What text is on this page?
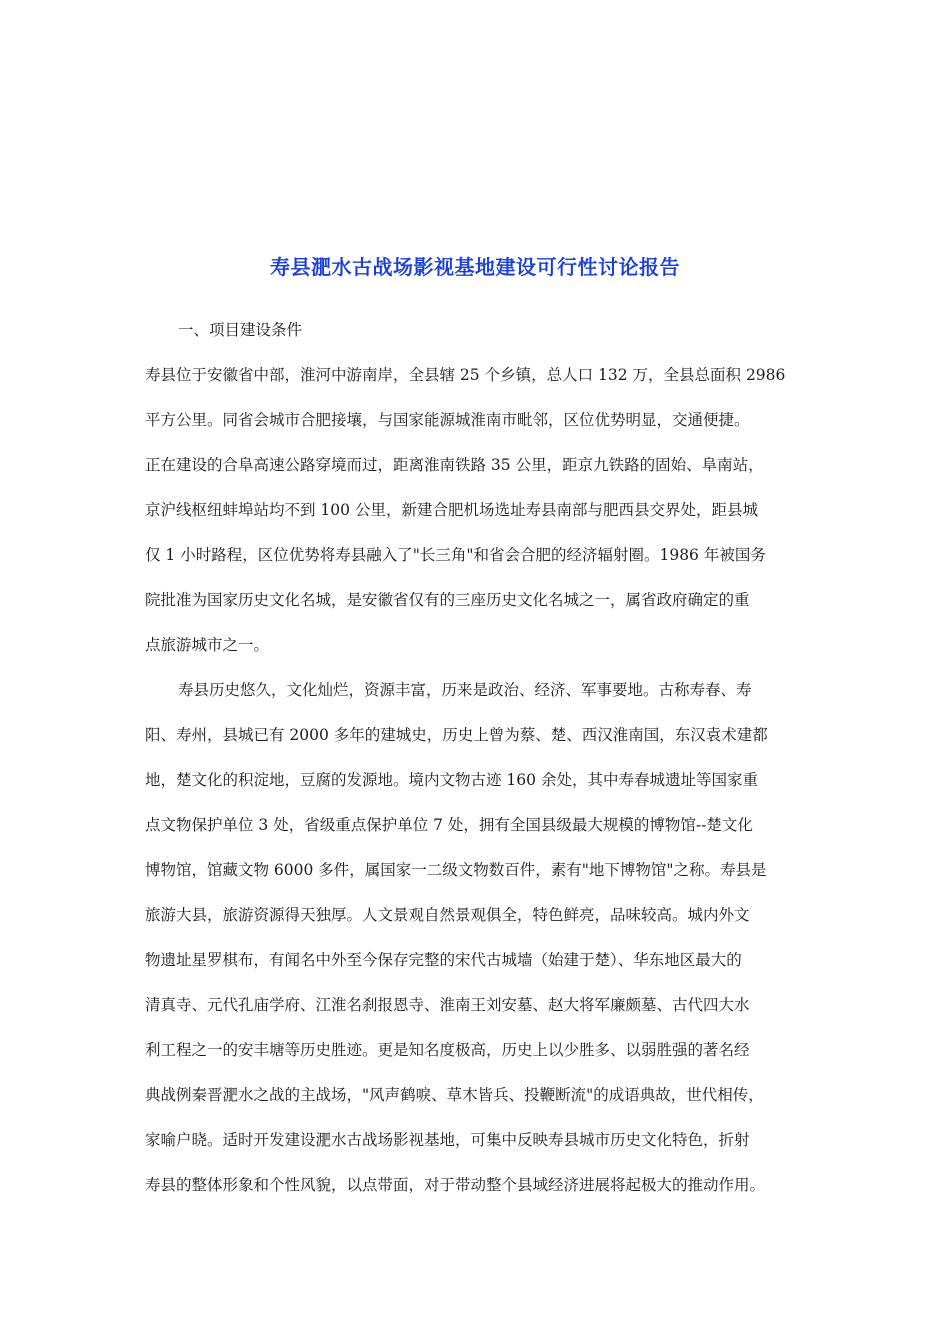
寿县淝水古战场影视基地建设可行性讨论报告

一、项目建设条件

寿县位于安徽省中部，淮河中游南岸，全县辖 25 个乡镇，总人口 132 万，全县总面积 2986
平方公里。同省会城市合肥接壤，与国家能源城淮南市毗邻，区位优势明显，交通便捷。
正在建设的合阜高速公路穿境而过，距离淮南铁路 35 公里，距京九铁路的固始、阜南站，
京沪线枢纽蚌埠站均不到 100 公里，新建合肥机场选址寿县南部与肥西县交界处，距县城
仅 1 小时路程，区位优势将寿县融入了"长三角"和省会合肥的经济辐射圈。1986 年被国务
院批准为国家历史文化名城，是安徽省仅有的三座历史文化名城之一，属省政府确定的重
点旅游城市之一。
寿县历史悠久，文化灿烂，资源丰富，历来是政治、经济、军事要地。古称寿春、寿
阳、寿州，县城已有 2000 多年的建城史，历史上曾为蔡、楚、西汉淮南国，东汉袁术建都
地，楚文化的积淀地，豆腐的发源地。境内文物古迹 160 余处，其中寿春城遗址等国家重
点文物保护单位 3 处，省级重点保护单位 7 处，拥有全国县级最大规模的博物馆--楚文化
博物馆，馆藏文物 6000 多件，属国家一二级文物数百件，素有"地下博物馆"之称。寿县是
旅游大县，旅游资源得天独厚。人文景观自然景观俱全，特色鲜亮，品味较高。城内外文
物遗址星罗棋布，有闻名中外至今保存完整的宋代古城墙（始建于楚）、华东地区最大的
清真寺、元代孔庙学府、江淮名刹报恩寺、淮南王刘安墓、赵大将军廉颇墓、古代四大水
利工程之一的安丰塘等历史胜迹。更是知名度极高，历史上以少胜多、以弱胜强的著名经
典战例秦晋淝水之战的主战场，"风声鹤唳、草木皆兵、投鞭断流"的成语典故，世代相传，
家喻户晓。适时开发建设淝水古战场影视基地，可集中反映寿县城市历史文化特色，折射
寿县的整体形象和个性风貌，以点带面，对于带动整个县域经济进展将起极大的推动作用。
